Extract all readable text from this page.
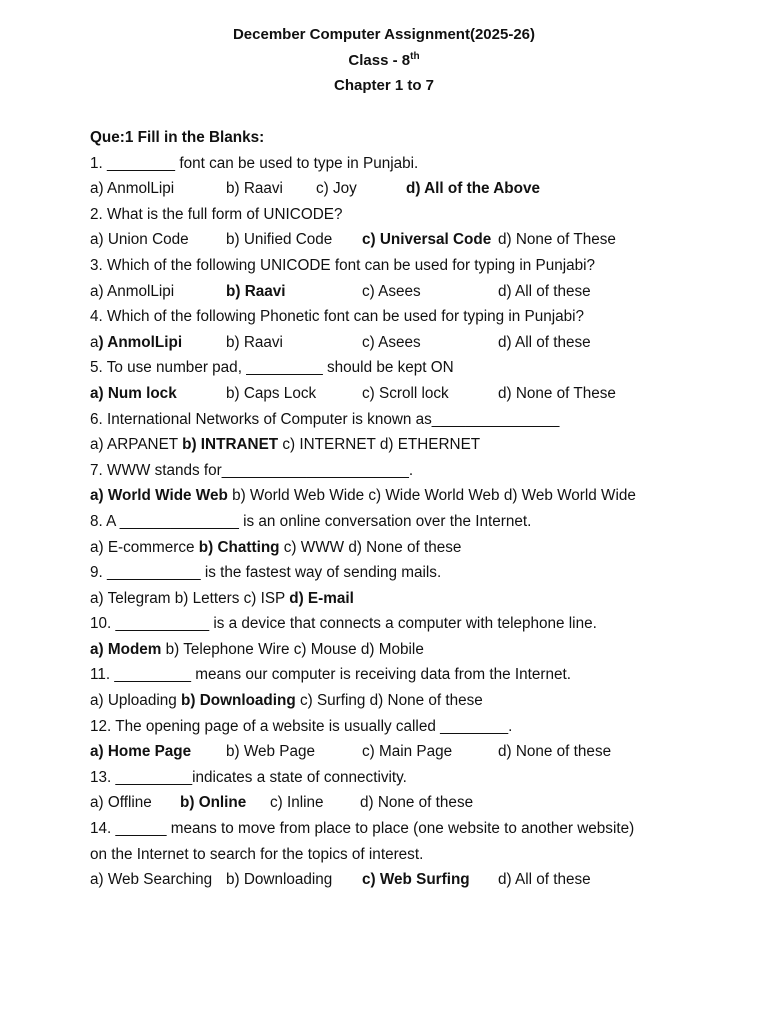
December Computer Assignment(2025-26)
Class - 8th
Chapter 1 to 7
Que:1 Fill in the Blanks:
1. ________ font can be used to type in Punjabi.
a) AnmolLipi	b) Raavi c) Joy	d) All of the Above
2. What is the full form of UNICODE?
a) Union Code b) Unified Code c) Universal Code d) None of These
3. Which of the following UNICODE font can be used for typing in Punjabi?
a) AnmolLipi	b) Raavi	c) Asees	d) All of these
4. Which of the following Phonetic font can be used for typing in Punjabi?
a) AnmolLipi	b) Raavi	c) Asees	d) All of these
5. To use number pad, _________ should be kept ON
a) Num lock	b) Caps Lock	c) Scroll lock	d) None of These
6. International Networks of Computer is known as_______________
a) ARPANET b) INTRANET c) INTERNET d) ETHERNET
7. WWW stands for______________________.
a) World Wide Web b) World Web Wide c) Wide World Web d) Web World Wide
8. A ______________ is an online conversation over the Internet.
a) E-commerce b) Chatting c) WWW d) None of these
9. ___________ is the fastest way of sending mails.
a) Telegram b) Letters c) ISP d) E-mail
10. ___________ is a device that connects a computer with telephone line.
a) Modem b) Telephone Wire c) Mouse d) Mobile
11. _________ means our computer is receiving data from the Internet.
a) Uploading b) Downloading c) Surfing d) None of these
12. The opening page of a website is usually called ________.
a) Home Page b) Web Page	c) Main Page	d) None of these
13. _________indicates a state of connectivity.
a) Offline b) Online c) Inline d) None of these
14. ______ means to move from place to place (one website to another website)
on the Internet to search for the topics of interest.
a) Web Searching b) Downloading c) Web Surfing d) All of these
